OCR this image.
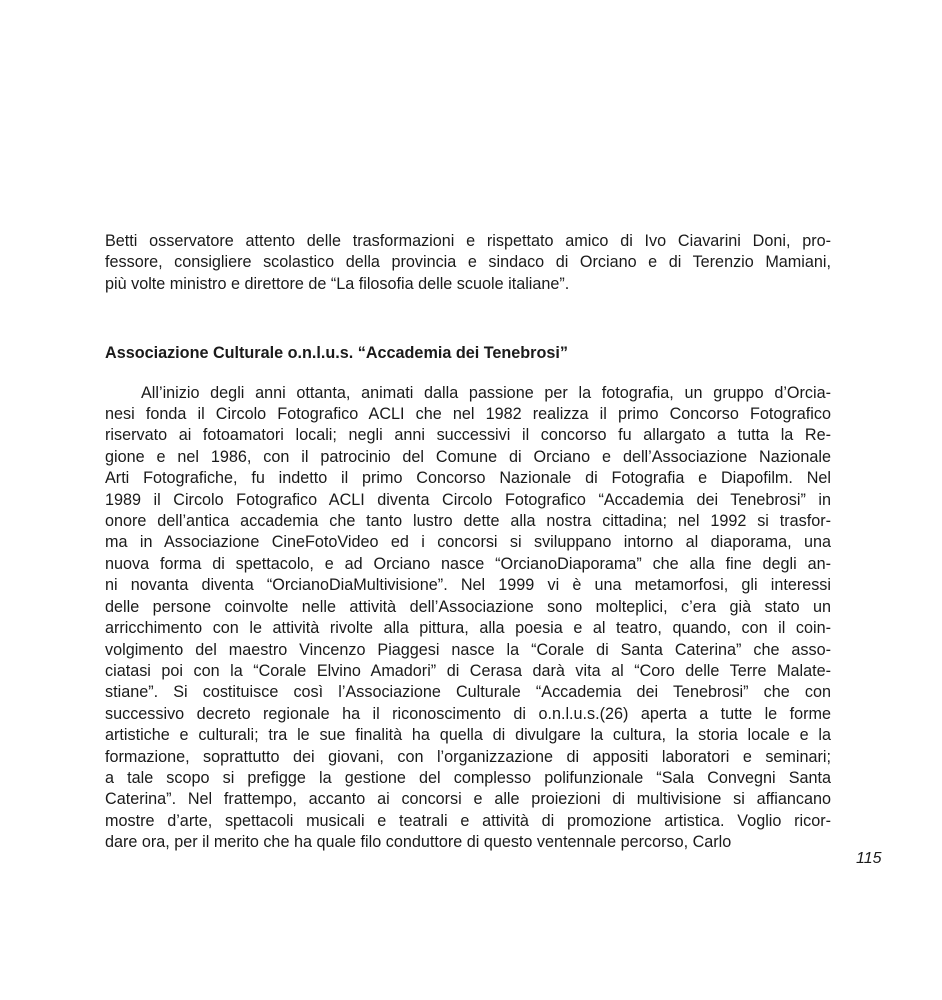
Betti osservatore attento delle trasformazioni e rispettato amico di Ivo Ciavarini Doni, pro-
fessore, consigliere scolastico della provincia e sindaco di Orciano e di Terenzio Mamiani,
più volte ministro e direttore de “La filosofia delle scuole italiane”.
Associazione Culturale o.n.l.u.s. “Accademia dei Tenebrosi”
All’inizio degli anni ottanta, animati dalla passione per la fotografia, un gruppo d’Orcia-
nesi fonda il Circolo Fotografico ACLI che nel 1982 realizza il primo Concorso Fotografico
riservato ai fotoamatori locali; negli anni successivi il concorso fu allargato a tutta la Re-
gione e nel 1986, con il patrocinio del Comune di Orciano e dell’Associazione Nazionale
Arti Fotografiche, fu indetto il primo Concorso Nazionale di Fotografia e Diapofilm. Nel
1989 il Circolo Fotografico ACLI diventa Circolo Fotografico “Accademia dei Tenebrosi” in
onore dell’antica accademia che tanto lustro dette alla nostra cittadina; nel 1992 si trasfor-
ma in Associazione CineFotoVideo ed i concorsi si sviluppano intorno al diaporama, una
nuova forma di spettacolo, e ad Orciano nasce “OrcianoDiaporama” che alla fine degli an-
ni novanta diventa “OrcianoDiaMultivisione”. Nel 1999 vi è una metamorfosi, gli interessi
delle persone coinvolte nelle attività dell’Associazione sono molteplici, c’era già stato un
arricchimento con le attività rivolte alla pittura, alla poesia e al teatro, quando, con il coin-
volgimento del maestro Vincenzo Piaggesi nasce la “Corale di Santa Caterina” che asso-
ciatasi poi con la “Corale Elvino Amadori” di Cerasa darà vita al “Coro delle Terre Malate-
stiane”. Si costituisce così l’Associazione Culturale “Accademia dei Tenebrosi” che con
successivo decreto regionale ha il riconoscimento di o.n.l.u.s.(26) aperta a tutte le forme
artistiche e culturali; tra le sue finalità ha quella di divulgare la cultura, la storia locale e la
formazione, soprattutto dei giovani, con l’organizzazione di appositi laboratori e seminari;
a tale scopo si prefigge la gestione del complesso polifunzionale “Sala Convegni Santa
Caterina”. Nel frattempo, accanto ai concorsi e alle proiezioni di multivisione si affiancano
mostre d’arte, spettacoli musicali e teatrali e attività di promozione artistica. Voglio ricor-
dare ora, per il merito che ha quale filo conduttore di questo ventennale percorso, Carlo
115
